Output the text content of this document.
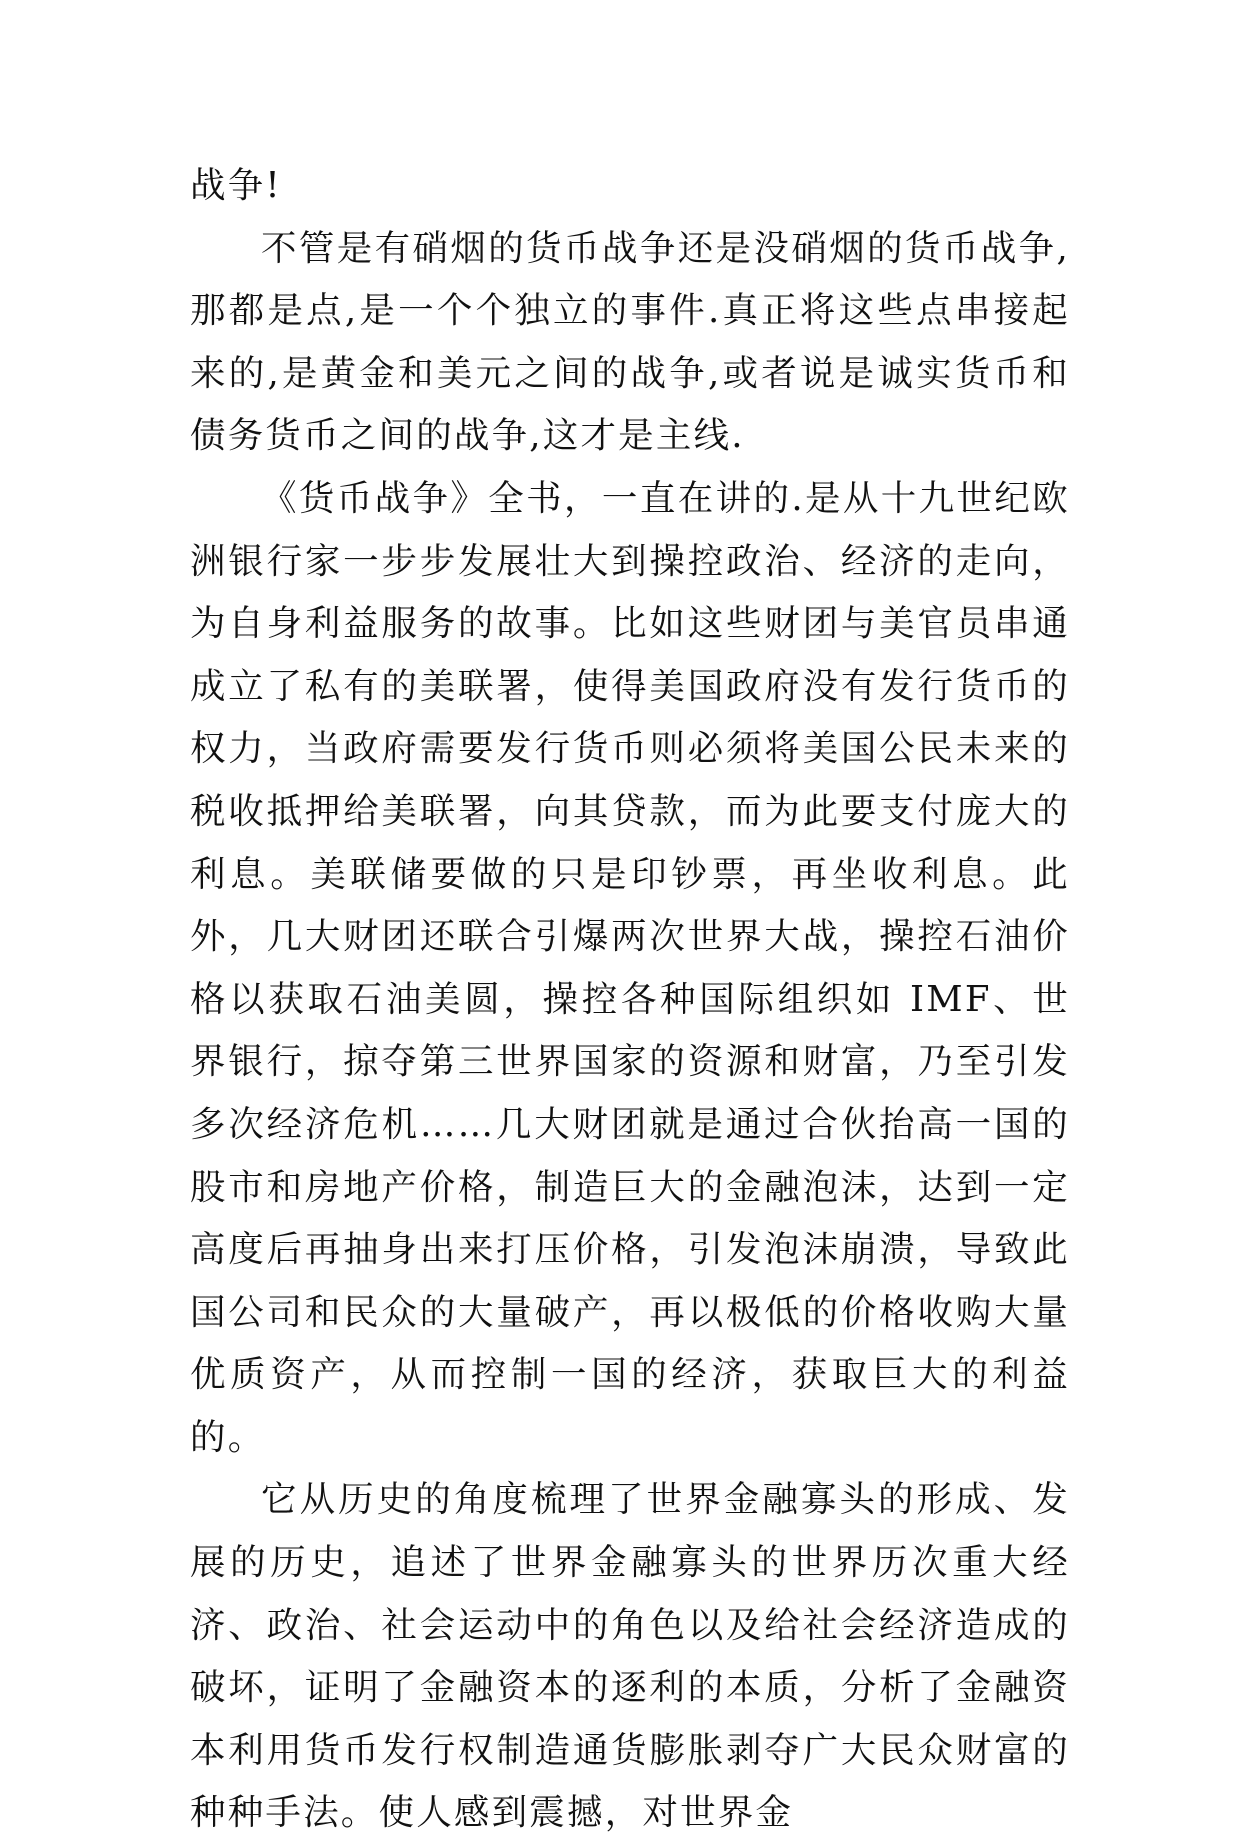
战争!

不管是有硝烟的货币战争还是没硝烟的货币战争,那都是点,是一个个独立的事件.真正将这些点串接起来的,是黄金和美元之间的战争,或者说是诚实货币和债务货币之间的战争,这才是主线.

《货币战争》全书，一直在讲的.是从十九世纪欧洲银行家一步步发展壮大到操控政治、经济的走向，为自身利益服务的故事。比如这些财团与美官员串通成立了私有的美联署，使得美国政府没有发行货币的权力，当政府需要发行货币则必须将美国公民未来的税收抵押给美联署，向其贷款，而为此要支付庞大的利息。美联储要做的只是印钞票，再坐收利息。此外，几大财团还联合引爆两次世界大战，操控石油价格以获取石油美圆，操控各种国际组织如 IMF、世界银行，掠夺第三世界国家的资源和财富，乃至引发多次经济危机……几大财团就是通过合伙抬高一国的股市和房地产价格，制造巨大的金融泡沫，达到一定高度后再抽身出来打压价格，引发泡沫崩溃，导致此国公司和民众的大量破产，再以极低的价格收购大量优质资产，从而控制一国的经济，获取巨大的利益的。

它从历史的角度梳理了世界金融寡头的形成、发展的历史，追述了世界金融寡头的世界历次重大经济、政治、社会运动中的角色以及给社会经济造成的破坏，证明了金融资本的逐利的本质，分析了金融资本利用货币发行权制造通货膨胀剥夺广大民众财富的种种手法。使人感到震撼，对世界金
